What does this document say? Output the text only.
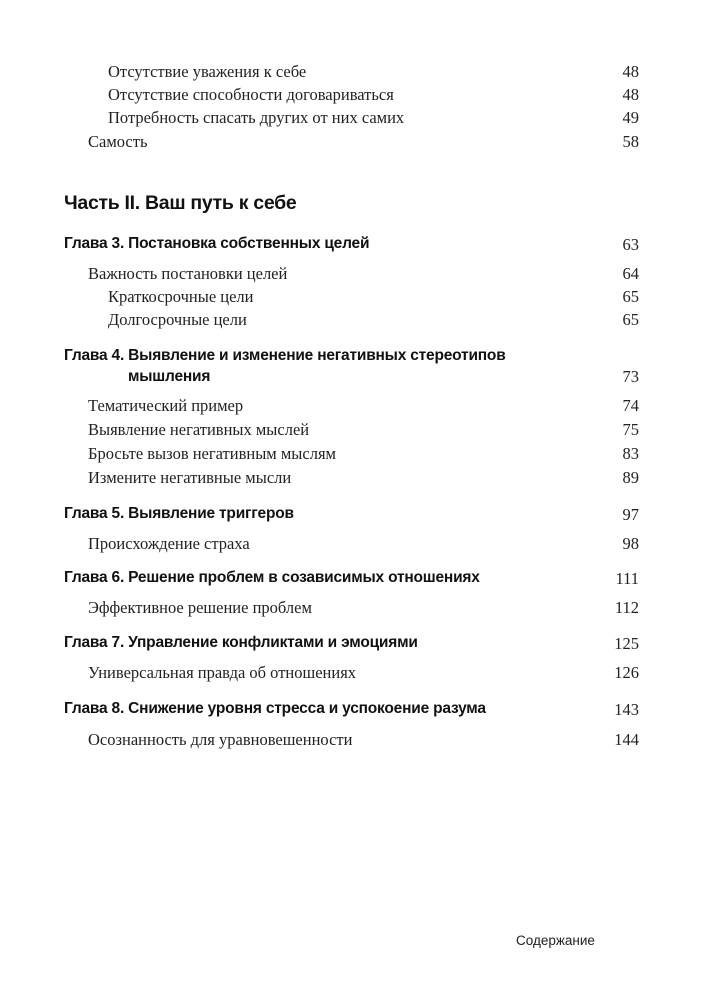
Отсутствие уважения к себе	48
Отсутствие способности договариваться	48
Потребность спасать других от них самих	49
Самость	58
Часть II. Ваш путь к себе
Глава 3. Постановка собственных целей	63
Важность постановки целей	64
Краткосрочные цели	65
Долгосрочные цели	65
Глава 4. Выявление и изменение негативных стереотипов
мышления	73
Тематический пример	74
Выявление негативных мыслей	75
Бросьте вызов негативным мыслям	83
Измените негативные мысли	89
Глава 5. Выявление триггеров	97
Происхождение страха	98
Глава 6. Решение проблем в созависимых отношениях	111
Эффективное решение проблем	112
Глава 7. Управление конфликтами и эмоциями	125
Универсальная правда об отношениях	126
Глава 8. Снижение уровня стресса и успокоение разума	143
Осознанность для уравновешенности	144
Содержание
